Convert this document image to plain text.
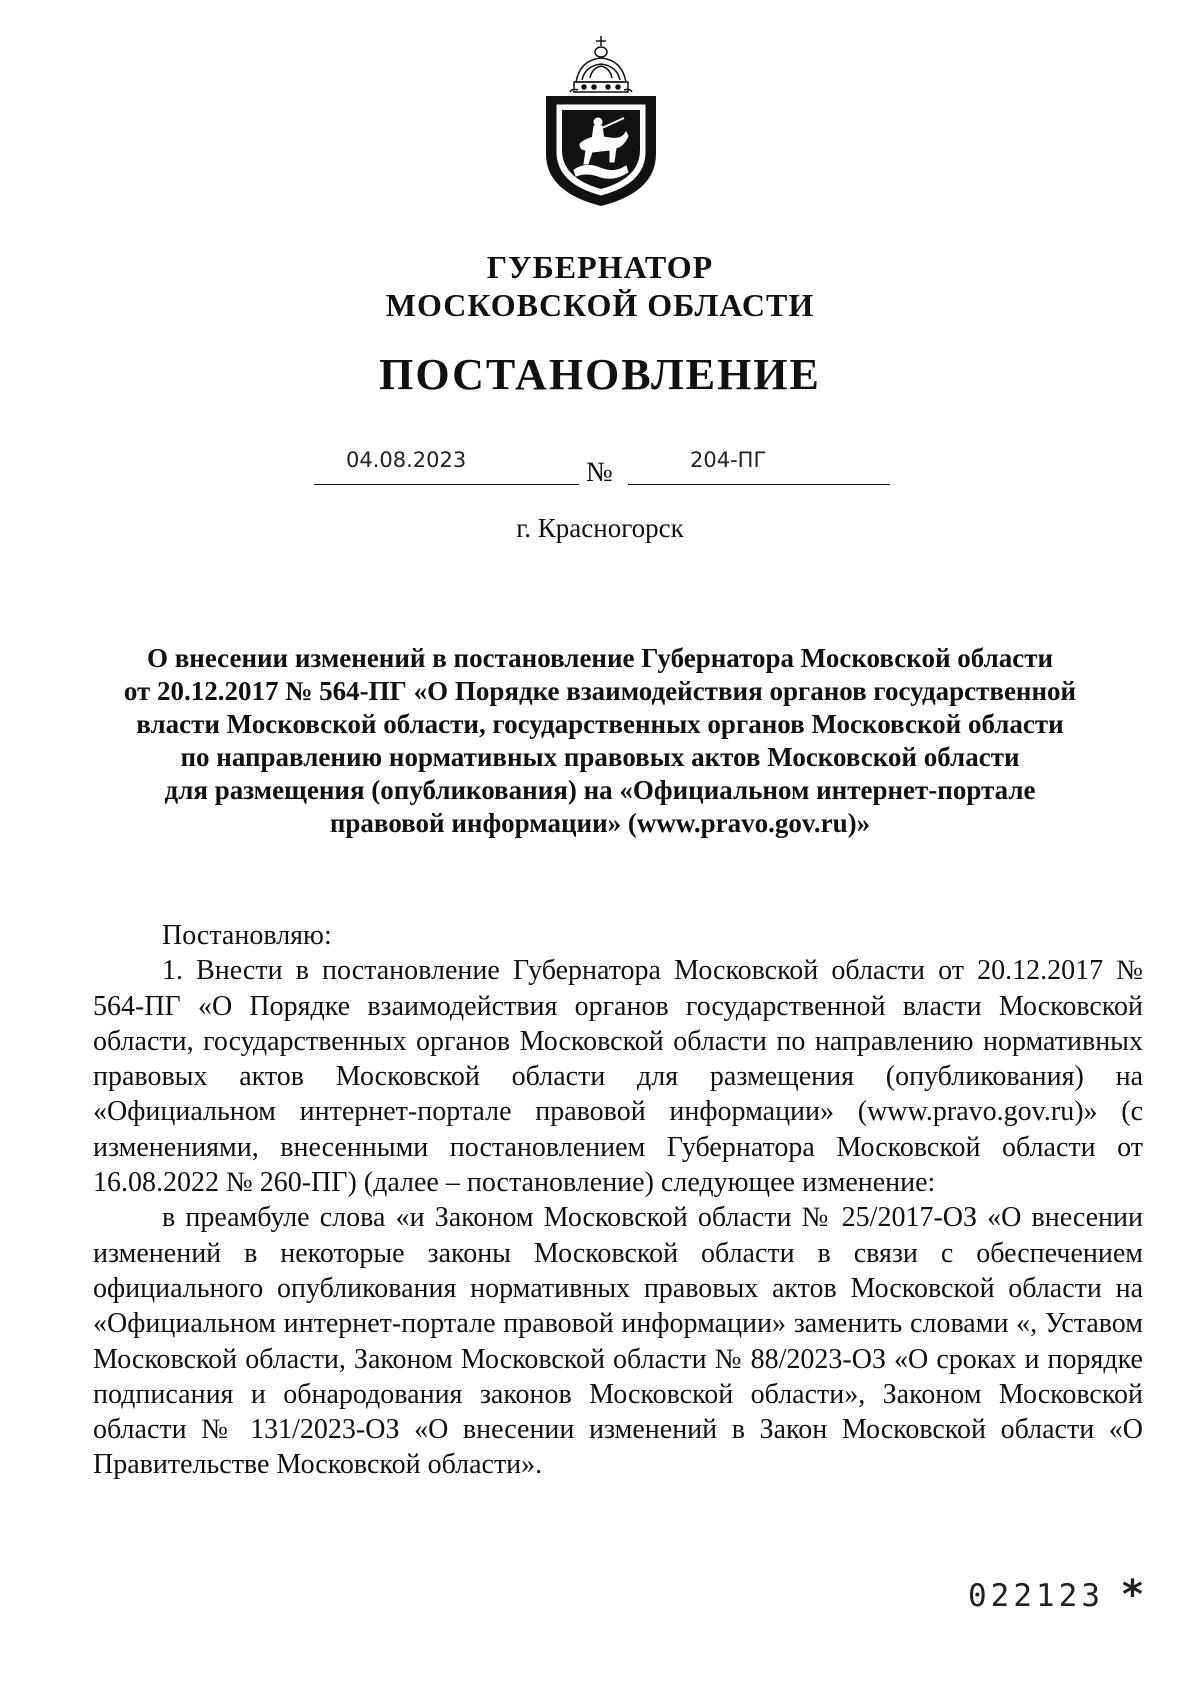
ГУБЕРНАТОР
МОСКОВСКОЙ ОБЛАСТИ
ПОСТАНОВЛЕНИЕ
04.08.2023	№	204-ПГ
г. Красногорск
О внесении изменений в постановление Губернатора Московской области
от 20.12.2017 № 564-ПГ «О Порядке взаимодействия органов государственной
власти Московской области, государственных органов Московской области
по направлению нормативных правовых актов Московской области
для размещения (опубликования) на «Официальном интернет-портале
правовой информации» (www.pravo.gov.ru)»

Постановляю:

1. Внести в постановление Губернатора Московской области от 20.12.2017 № 564-ПГ «О Порядке взаимодействия органов государственной власти Московской области, государственных органов Московской области по направлению нормативных правовых актов Московской области для размещения (опубликования) на «Официальном интернет-портале правовой информации» (www.pravo.gov.ru)» (с изменениями, внесенными постановлением Губернатора Московской области от 16.08.2022 № 260-ПГ) (далее – постановление) следующее изменение:

в преамбуле слова «и Законом Московской области № 25/2017-ОЗ «О внесении изменений в некоторые законы Московской области в связи с обеспечением официального опубликования нормативных правовых актов Московской области на «Официальном интернет-портале правовой информации» заменить словами «, Уставом Московской области, Законом Московской области № 88/2023-ОЗ «О сроках и порядке подписания и обнародования законов Московской области», Законом Московской области № 131/2023-ОЗ «О внесении изменений в Закон Московской области «О Правительстве Московской области».

022123 *
